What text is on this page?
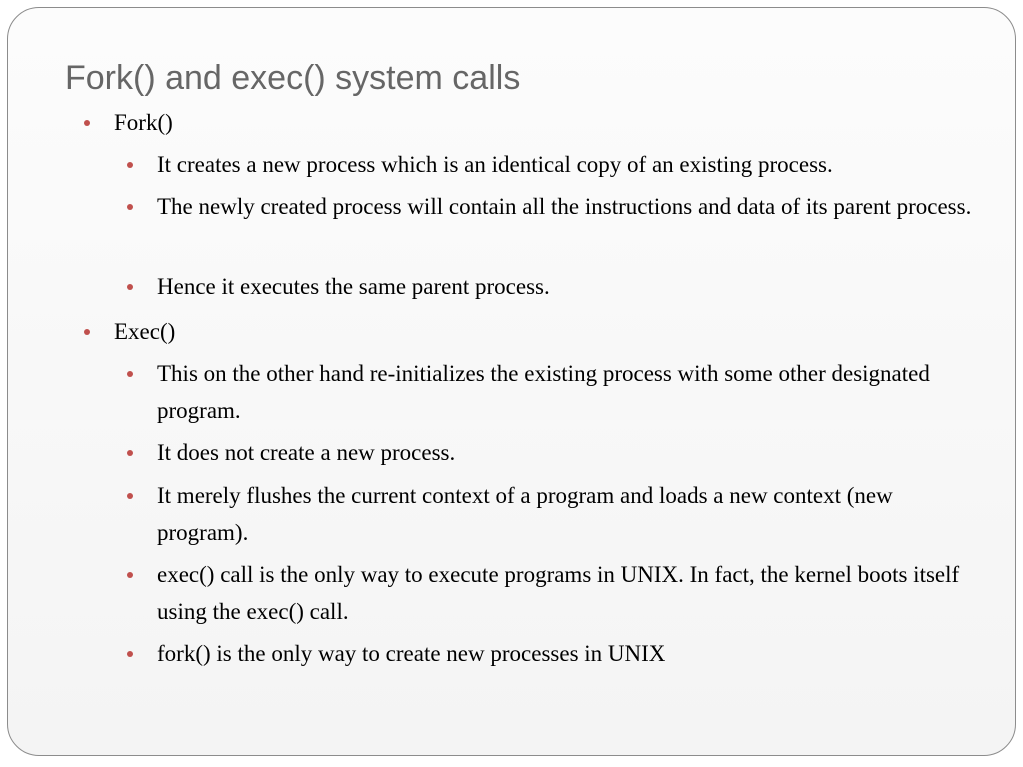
Fork() and exec() system calls

Fork()

It creates a new process which is an identical copy of an existing process.

The newly created process will contain all the instructions and data of its parent process.

Hence it executes the same parent process.

Exec()

This on the other hand re-initializes the existing process with some other designated program.

It does not create a new process.

It merely flushes the current context of a program and loads a new context (new program).

exec() call is the only way to execute programs in UNIX. In fact, the kernel boots itself using the exec() call.

fork() is the only way to create new processes in UNIX
